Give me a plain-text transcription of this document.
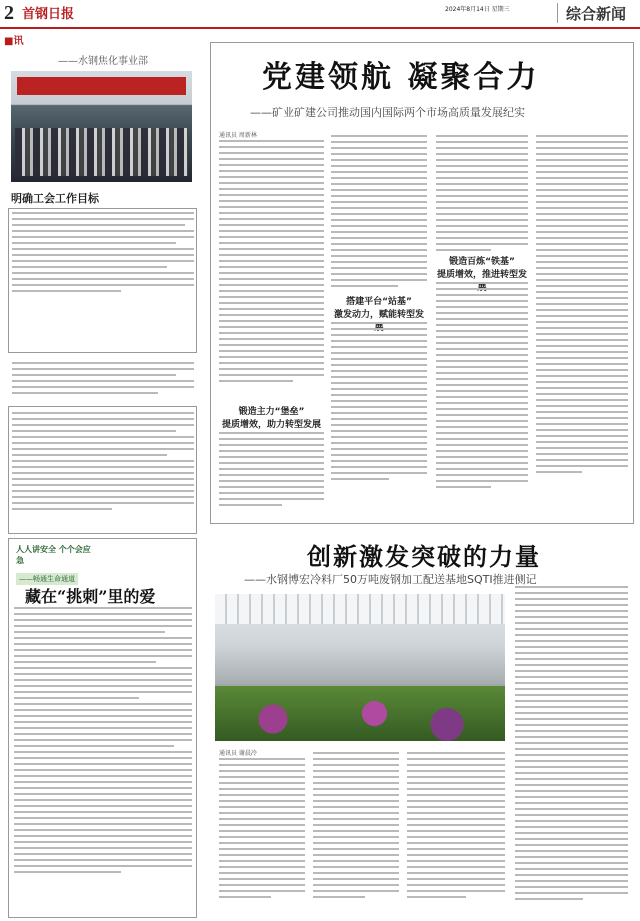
2 首钢日报	2024年8月14日 星期三	综合新闻
■讯
——水钢焦化事业部
明确工会工作目标
人人讲安全 个个会应急
——畅通生命通道
藏在“挑刺”里的爱
党建领航 凝聚合力
——矿业矿建公司推动国内国际两个市场高质量发展纪实
通讯员 周新林
锻造主力“堡垒”
提质增效，助力转型发展
搭建平台“站基”
激发动力，赋能转型发
锻造百炼“铁基”
提质增效，推进转型发
创新激发突破的力量
——水钢博宏冷料厂50万吨废钢加工配送基地SQTI推进侧记
通讯员 谢晨冷
